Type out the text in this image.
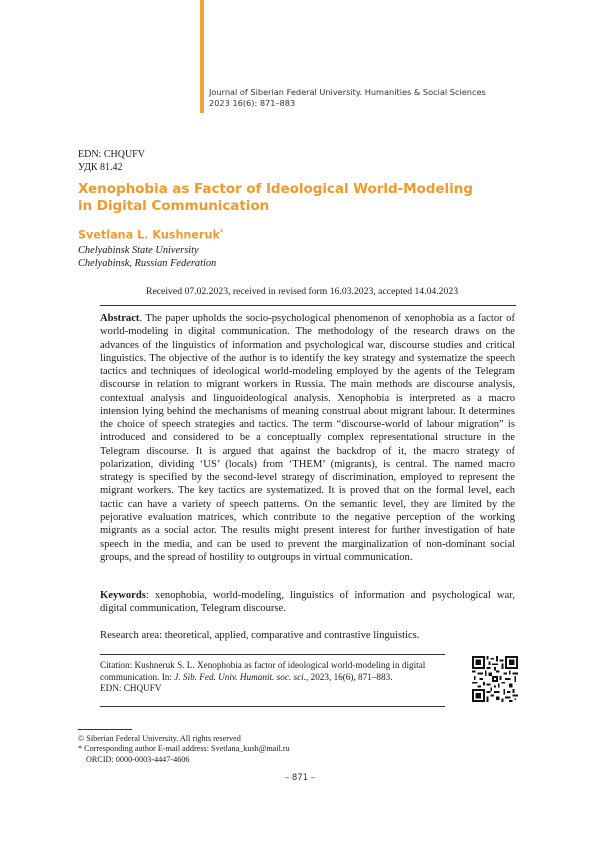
Journal of Siberian Federal University. Humanities & Social Sciences
2023 16(6): 871–883
EDN: CHQUFV
УДК 81.42
Xenophobia as Factor of Ideological World-Modeling
in Digital Communication
Svetlana L. Kushneruk*
Chelyabinsk State University
Chelyabinsk, Russian Federation
Received 07.02.2023, received in revised form 16.03.2023, accepted 14.04.2023
Abstract. The paper upholds the socio-psychological phenomenon of xenophobia as a factor of world-modeling in digital communication. The methodology of the research draws on the advances of the linguistics of information and psychological war, discourse studies and critical linguistics. The objective of the author is to identify the key strategy and systematize the speech tactics and techniques of ideological world-modeling employed by the agents of the Telegram discourse in relation to migrant workers in Russia. The main methods are discourse analysis, contextual analysis and linguoideological analysis. Xenophobia is interpreted as a macro intension lying behind the mechanisms of meaning construal about migrant labour. It determines the choice of speech strategies and tactics. The term “discourse-world of labour migration” is introduced and considered to be a conceptually complex representational structure in the Telegram discourse. It is argued that against the backdrop of it, the macro strategy of polarization, dividing ‘US’ (locals) from ‘THEM’ (migrants), is central. The named macro strategy is specified by the second-level strategy of discrimination, employed to represent the migrant workers. The key tactics are systematized. It is proved that on the formal level, each tactic can have a variety of speech patterns. On the semantic level, they are limited by the pejorative evaluation matrices, which contribute to the negative perception of the working migrants as a social actor. The results might present interest for further investigation of hate speech in the media, and can be used to prevent the marginalization of non-dominant social groups, and the spread of hostility to outgroups in virtual communication.
Keywords: xenophobia, world-modeling, linguistics of information and psychological war, digital communication, Telegram discourse.
Research area: theoretical, applied, comparative and contrastive linguistics.
Citation: Kushneruk S. L. Xenophobia as factor of ideological world-modeling in digital communication. In: J. Sib. Fed. Univ. Humanit. soc. sci., 2023, 16(6), 871–883.
EDN: CHQUFV
© Siberian Federal University. All rights reserved
* Corresponding author E-mail address: Svetlana_kush@mail.ru
ORCID: 0000-0003-4447-4606
– 871 –
